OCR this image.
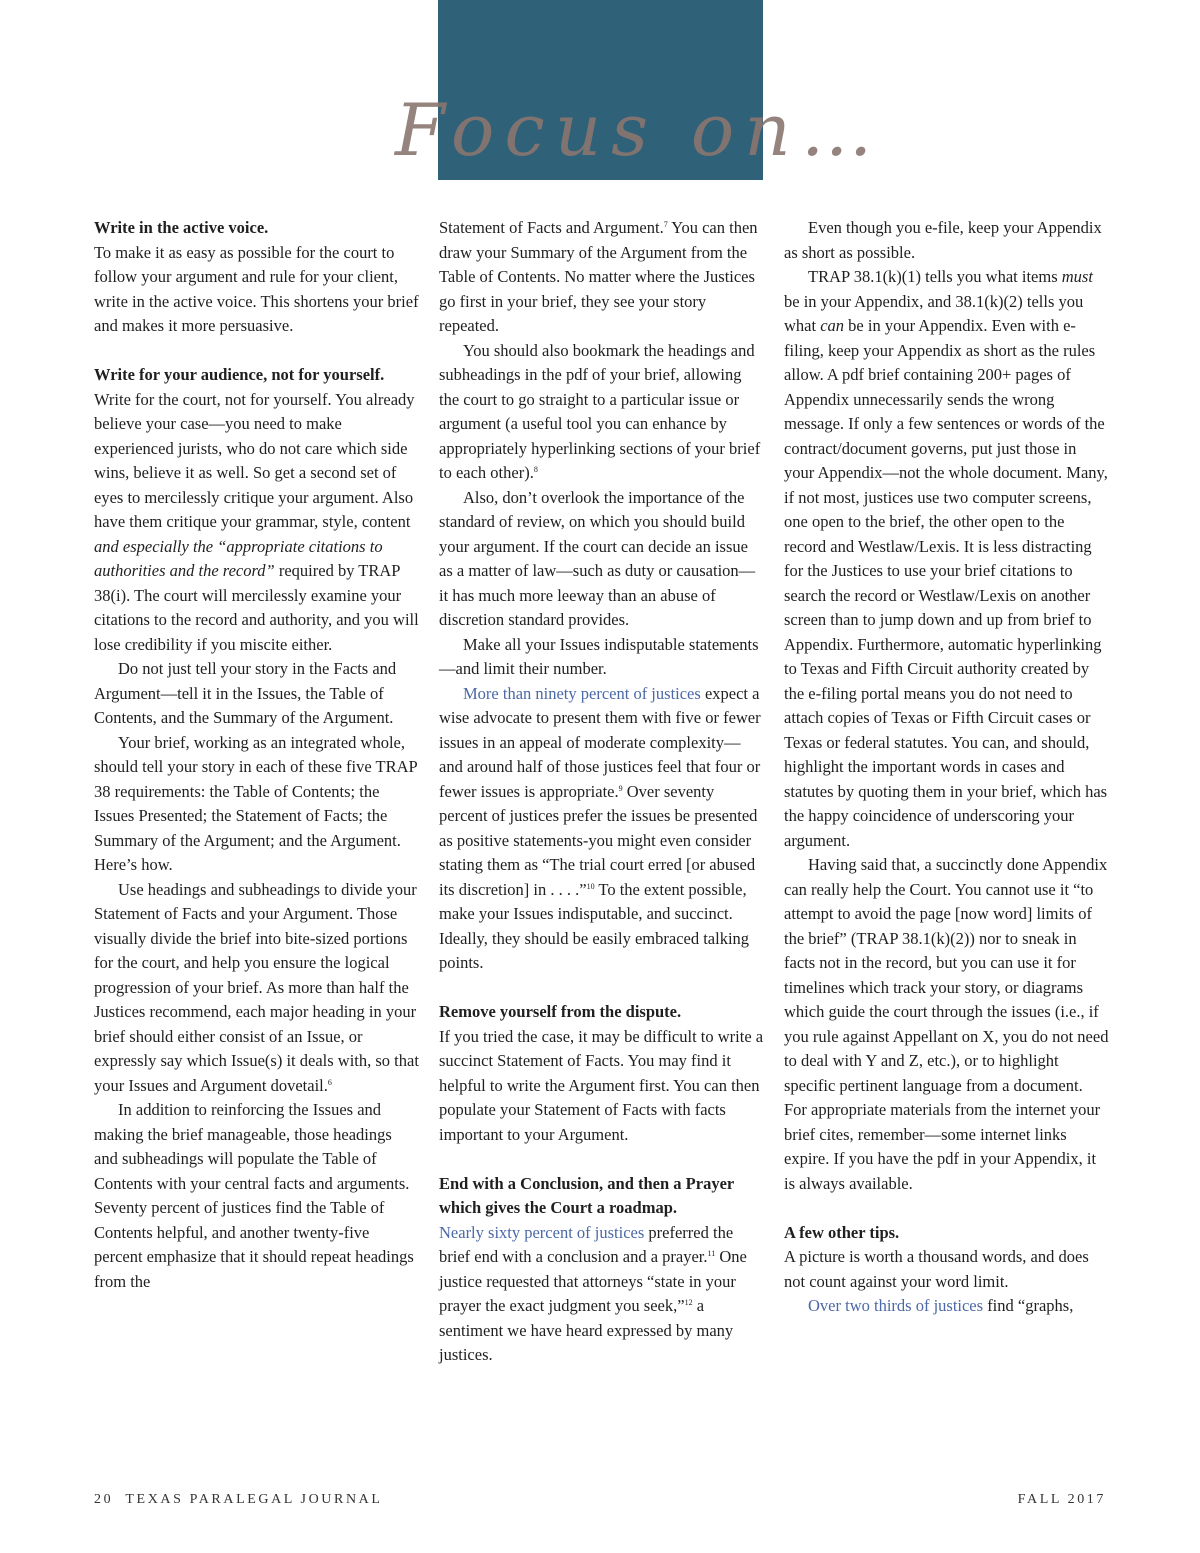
Focus on…

Write in the active voice.

To make it as easy as possible for the court to follow your argument and rule for your client, write in the active voice. This shortens your brief and makes it more persuasive.

Write for your audience, not for yourself.

Write for the court, not for yourself. You already believe your case—you need to make experienced jurists, who do not care which side wins, believe it as well. So get a second set of eyes to mercilessly critique your argument. Also have them critique your grammar, style, content and especially the “appropriate citations to authorities and the record” required by TRAP 38(i). The court will mercilessly examine your citations to the record and authority, and you will lose credibility if you miscite either.

Do not just tell your story in the Facts and Argument—tell it in the Issues, the Table of Contents, and the Summary of the Argument.

Your brief, working as an integrated whole, should tell your story in each of these five TRAP 38 requirements: the Table of Contents; the Issues Presented; the Statement of Facts; the Summary of the Argument; and the Argument. Here’s how.

Use headings and subheadings to divide your Statement of Facts and your Argument. Those visually divide the brief into bite-sized portions for the court, and help you ensure the logical progression of your brief. As more than half the Justices recommend, each major heading in your brief should either consist of an Issue, or expressly say which Issue(s) it deals with, so that your Issues and Argument dovetail.$^6$

In addition to reinforcing the Issues and making the brief manageable, those headings and subheadings will populate the Table of Contents with your central facts and arguments. Seventy percent of justices find the Table of Contents helpful, and another twenty-five percent emphasize that it should repeat headings from the

Statement of Facts and Argument.$^7$ You can then draw your Summary of the Argument from the Table of Contents. No matter where the Justices go first in your brief, they see your story repeated.

You should also bookmark the headings and subheadings in the pdf of your brief, allowing the court to go straight to a particular issue or argument (a useful tool you can enhance by appropriately hyperlinking sections of your brief to each other).$^8$

Also, don’t overlook the importance of the standard of review, on which you should build your argument. If the court can decide an issue as a matter of law—such as duty or causation—it has much more leeway than an abuse of discretion standard provides.

Make all your Issues indisputable statements—and limit their number.

More than ninety percent of justices expect a wise advocate to present them with five or fewer issues in an appeal of moderate complexity—and around half of those justices feel that four or fewer issues is appropriate.$^9$ Over seventy percent of justices prefer the issues be presented as positive statements-you might even consider stating them as “The trial court erred [or abused its discretion] in . . . .”$^{10}$ To the extent possible, make your Issues indisputable, and succinct. Ideally, they should be easily embraced talking points.

Remove yourself from the dispute.

If you tried the case, it may be difficult to write a succinct Statement of Facts. You may find it helpful to write the Argument first. You can then populate your Statement of Facts with facts important to your Argument.

End with a Conclusion, and then a Prayer which gives the Court a roadmap.

Nearly sixty percent of justices preferred the brief end with a conclusion and a prayer.$^{11}$ One justice requested that attorneys “state in your prayer the exact judgment you seek,”$^{12}$ a sentiment we have heard expressed by many justices.

Even though you e-file, keep your Appendix as short as possible.

TRAP 38.1(k)(1) tells you what items must be in your Appendix, and 38.1(k)(2) tells you what can be in your Appendix. Even with e-filing, keep your Appendix as short as the rules allow. A pdf brief containing 200+ pages of Appendix unnecessarily sends the wrong message. If only a few sentences or words of the contract/document governs, put just those in your Appendix—not the whole document. Many, if not most, justices use two computer screens, one open to the brief, the other open to the record and Westlaw/Lexis. It is less distracting for the Justices to use your brief citations to search the record or Westlaw/Lexis on another screen than to jump down and up from brief to Appendix. Furthermore, automatic hyperlinking to Texas and Fifth Circuit authority created by the e-filing portal means you do not need to attach copies of Texas or Fifth Circuit cases or Texas or federal statutes. You can, and should, highlight the important words in cases and statutes by quoting them in your brief, which has the happy coincidence of underscoring your argument.

Having said that, a succinctly done Appendix can really help the Court. You cannot use it “to attempt to avoid the page [now word] limits of the brief” (TRAP 38.1(k)(2)) nor to sneak in facts not in the record, but you can use it for timelines which track your story, or diagrams which guide the court through the issues (i.e., if you rule against Appellant on X, you do not need to deal with Y and Z, etc.), or to highlight specific pertinent language from a document. For appropriate materials from the internet your brief cites, remember—some internet links expire. If you have the pdf in your Appendix, it is always available.

A few other tips.

A picture is worth a thousand words, and does not count against your word limit.

Over two thirds of justices find “graphs,

20 TEXAS PARALEGAL JOURNAL	FALL 2017
